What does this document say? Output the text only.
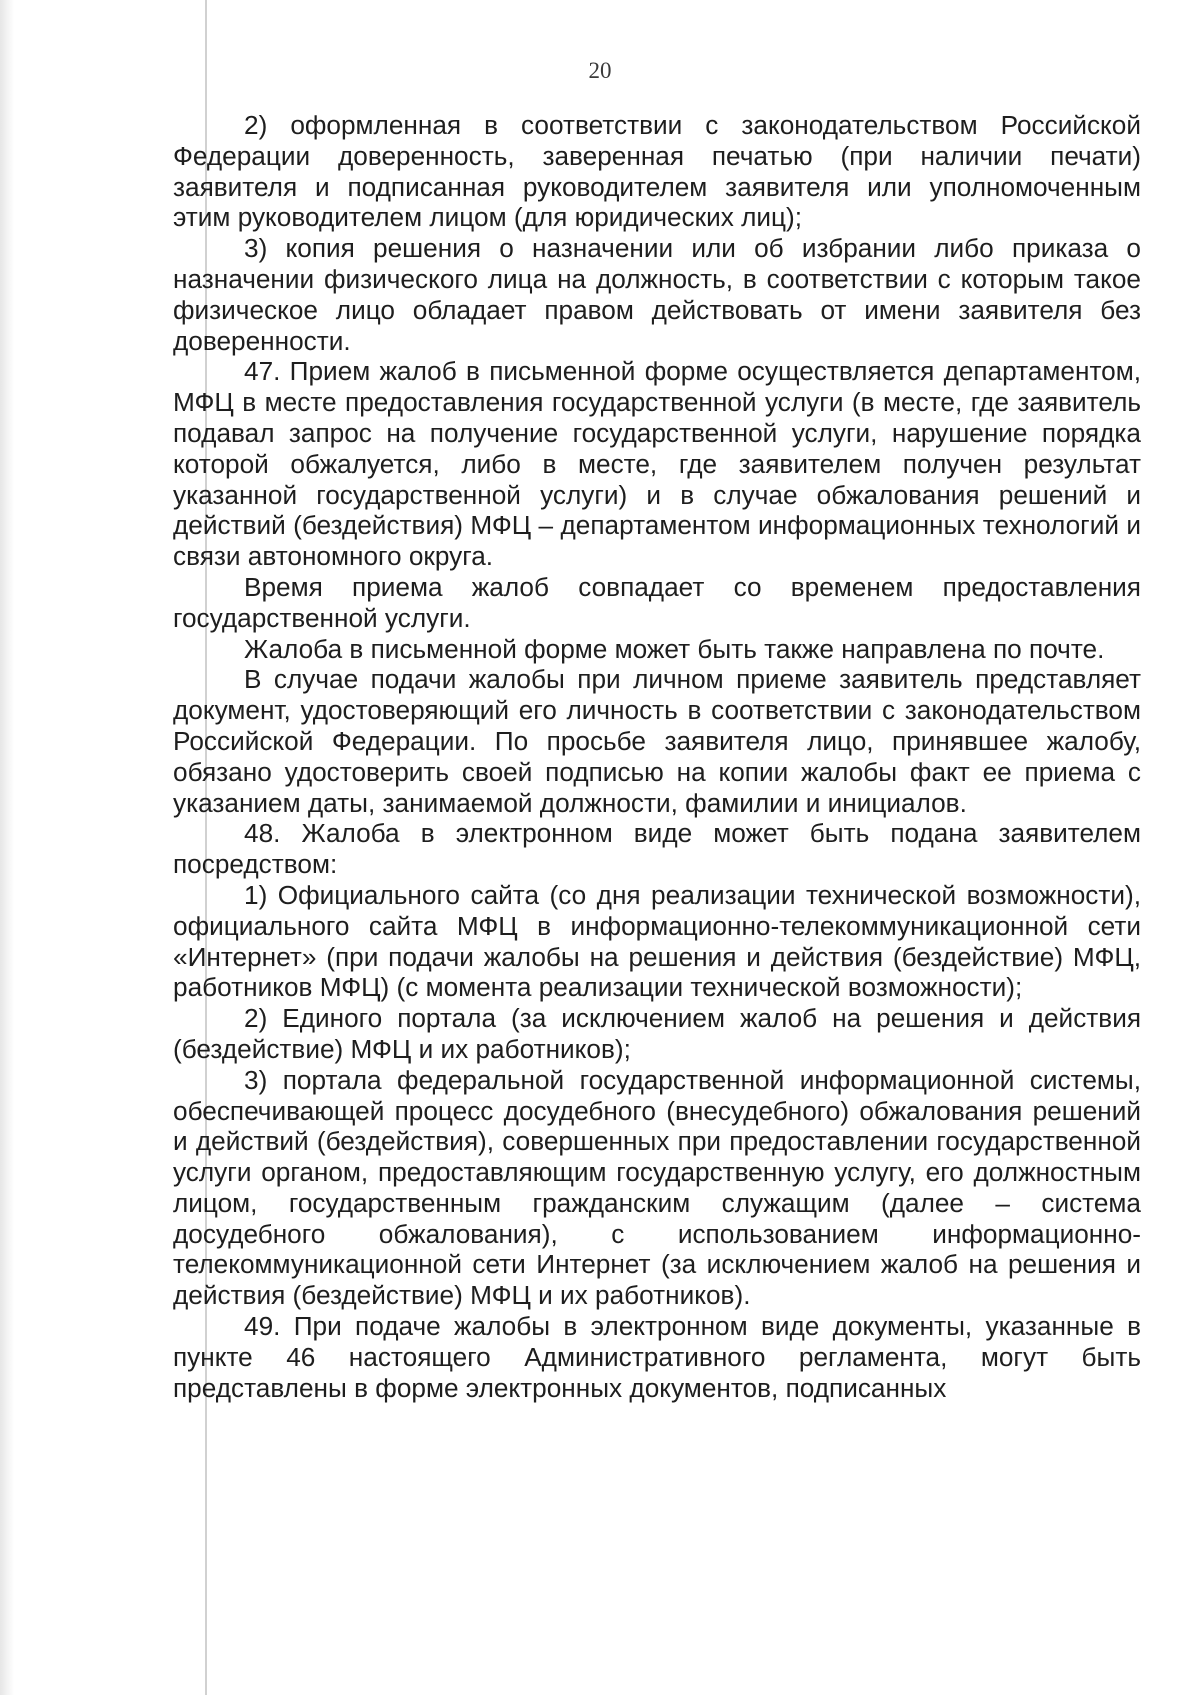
20

2) оформленная в соответствии с законодательством Российской Федерации доверенность, заверенная печатью (при наличии печати) заявителя и подписанная руководителем заявителя или уполномоченным этим руководителем лицом (для юридических лиц);

3) копия решения о назначении или об избрании либо приказа о назначении физического лица на должность, в соответствии с которым такое физическое лицо обладает правом действовать от имени заявителя без доверенности.

47. Прием жалоб в письменной форме осуществляется департаментом, МФЦ в месте предоставления государственной услуги (в месте, где заявитель подавал запрос на получение государственной услуги, нарушение порядка которой обжалуется, либо в месте, где заявителем получен результат указанной государственной услуги) и в случае обжалования решений и действий (бездействия) МФЦ – департаментом информационных технологий и связи автономного округа.

Время приема жалоб совпадает со временем предоставления государственной услуги.

Жалоба в письменной форме может быть также направлена по почте.

В случае подачи жалобы при личном приеме заявитель представляет документ, удостоверяющий его личность в соответствии с законодательством Российской Федерации. По просьбе заявителя лицо, принявшее жалобу, обязано удостоверить своей подписью на копии жалобы факт ее приема с указанием даты, занимаемой должности, фамилии и инициалов.

48. Жалоба в электронном виде может быть подана заявителем посредством:

1) Официального сайта (со дня реализации технической возможности), официального сайта МФЦ в информационно-телекоммуникационной сети «Интернет» (при подачи жалобы на решения и действия (бездействие) МФЦ, работников МФЦ) (с момента реализации технической возможности);

2) Единого портала (за исключением жалоб на решения и действия (бездействие) МФЦ и их работников);

3) портала федеральной государственной информационной системы, обеспечивающей процесс досудебного (внесудебного) обжалования решений и действий (бездействия), совершенных при предоставлении государственной услуги органом, предоставляющим государственную услугу, его должностным лицом, государственным гражданским служащим (далее – система досудебного обжалования), с использованием информационно-телекоммуникационной сети Интернет (за исключением жалоб на решения и действия (бездействие) МФЦ и их работников).

49. При подаче жалобы в электронном виде документы, указанные в пункте 46 настоящего Административного регламента, могут быть представлены в форме электронных документов, подписанных
